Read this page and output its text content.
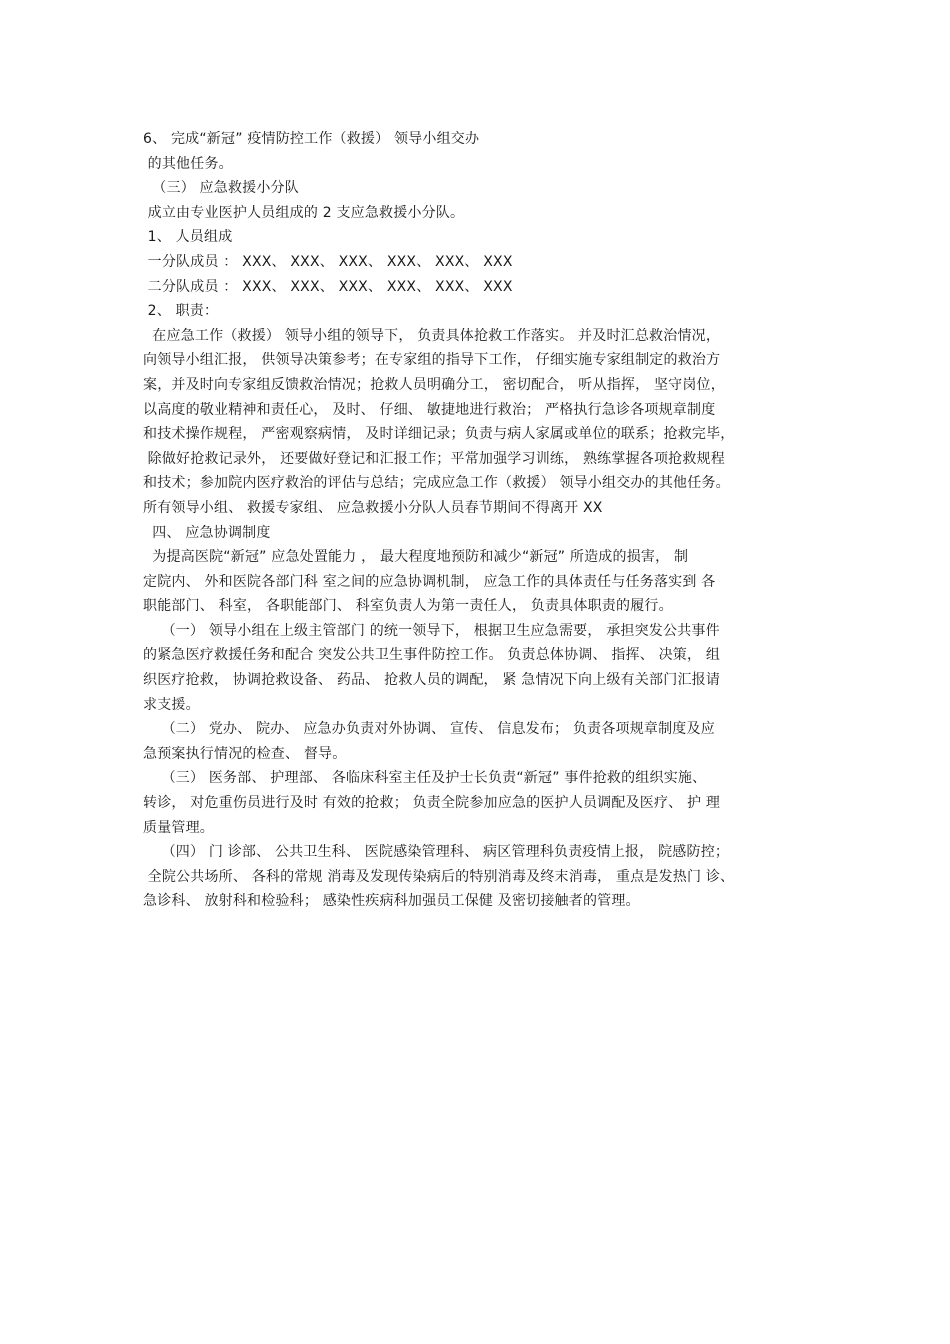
6、 完成“新冠” 疫情防控工作（救援） 领导小组交办
的其他任务。
（三） 应急救援小分队
成立由专业医护人员组成的 2 支应急救援小分队。
1、 人员组成
一分队成员 ： XXX、 XXX、 XXX、 XXX、 XXX、 XXX
二分队成员 ： XXX、 XXX、 XXX、 XXX、 XXX、 XXX
2、 职责：
在应急工作（救援） 领导小组的领导下， 负责具体抢救工作落实。 并及时汇总救治情况，
向领导小组汇报， 供领导决策参考；在专家组的指导下工作， 仔细实施专家组制定的救治方
案，并及时向专家组反馈救治情况；抢救人员明确分工， 密切配合， 听从指挥， 坚守岗位，
以高度的敬业精神和责任心， 及时、 仔细、 敏捷地进行救治； 严格执行急诊各项规章制度
和技术操作规程， 严密观察病情， 及时详细记录；负责与病人家属或单位的联系；抢救完毕，
除做好抢救记录外， 还要做好登记和汇报工作；平常加强学习训练， 熟练掌握各项抢救规程
和技术；参加院内医疗救治的评估与总结；完成应急工作（救援） 领导小组交办的其他任务。
所有领导小组、 救援专家组、 应急救援小分队人员春节期间不得离开 XX
四、 应急协调制度
为提高医院“新冠” 应急处置能力 ， 最大程度地预防和减少“新冠” 所造成的损害， 制
定院内、 外和医院各部门科 室之间的应急协调机制， 应急工作的具体责任与任务落实到 各
职能部门、 科室， 各职能部门、 科室负责人为第一责任人， 负责具体职责的履行。
（一） 领导小组在上级主管部门 的统一领导下， 根据卫生应急需要， 承担突发公共事件
的紧急医疗救援任务和配合 突发公共卫生事件防控工作。 负责总体协调、 指挥、 决策， 组
织医疗抢救， 协调抢救设备、 药品、 抢救人员的调配， 紧 急情况下向上级有关部门汇报请
求支援。
（二） 党办、 院办、 应急办负责对外协调、 宣传、 信息发布； 负责各项规章制度及应
急预案执行情况的检查、 督导。
（三） 医务部、 护理部、 各临床科室主任及护士长负责“新冠” 事件抢救的组织实施、
转诊， 对危重伤员进行及时 有效的抢救； 负责全院参加应急的医护人员调配及医疗、 护 理
质量管理。
（四） 门 诊部、 公共卫生科、 医院感染管理科、 病区管理科负责疫情上报， 院感防控；
全院公共场所、 各科的常规 消毒及发现传染病后的特别消毒及终末消毒， 重点是发热门 诊、
急诊科、 放射科和检验科； 感染性疾病科加强员工保健 及密切接触者的管理。
